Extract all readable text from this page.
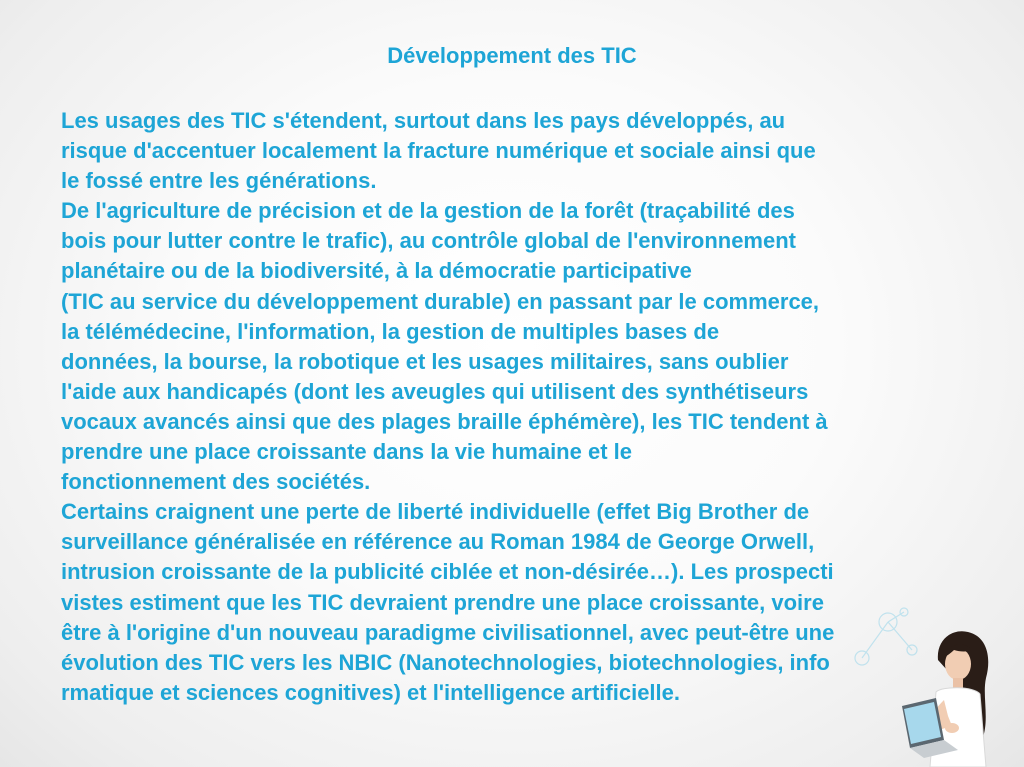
Développement des TIC
Les usages des TIC s'étendent, surtout dans les pays développés, au
risque d'accentuer localement la fracture numérique et sociale ainsi que
le fossé entre les générations.
De l'agriculture de précision et de la gestion de la forêt (traçabilité des
bois pour lutter contre le trafic), au contrôle global de l'environnement
planétaire ou de la biodiversité, à la démocratie participative
(TIC au service du développement durable) en passant par le commerce,
la télémédecine, l'information, la gestion de multiples bases de
données, la bourse, la robotique et les usages militaires, sans oublier
l'aide aux handicapés (dont les aveugles qui utilisent des synthétiseurs
vocaux avancés ainsi que des plages braille éphémère), les TIC tendent à
prendre une place croissante dans la vie humaine et le
fonctionnement des sociétés.
Certains craignent une perte de liberté individuelle (effet Big Brother de
surveillance généralisée en référence au Roman 1984 de George Orwell,
intrusion croissante de la publicité ciblée et non-désirée…). Les prospecti
vistes estiment que les TIC devraient prendre une place croissante, voire
être à l'origine d'un nouveau paradigme civilisationnel, avec peut-être une
évolution des TIC vers les NBIC (Nanotechnologies, biotechnologies, info
rmatique et sciences cognitives) et l'intelligence artificielle.
